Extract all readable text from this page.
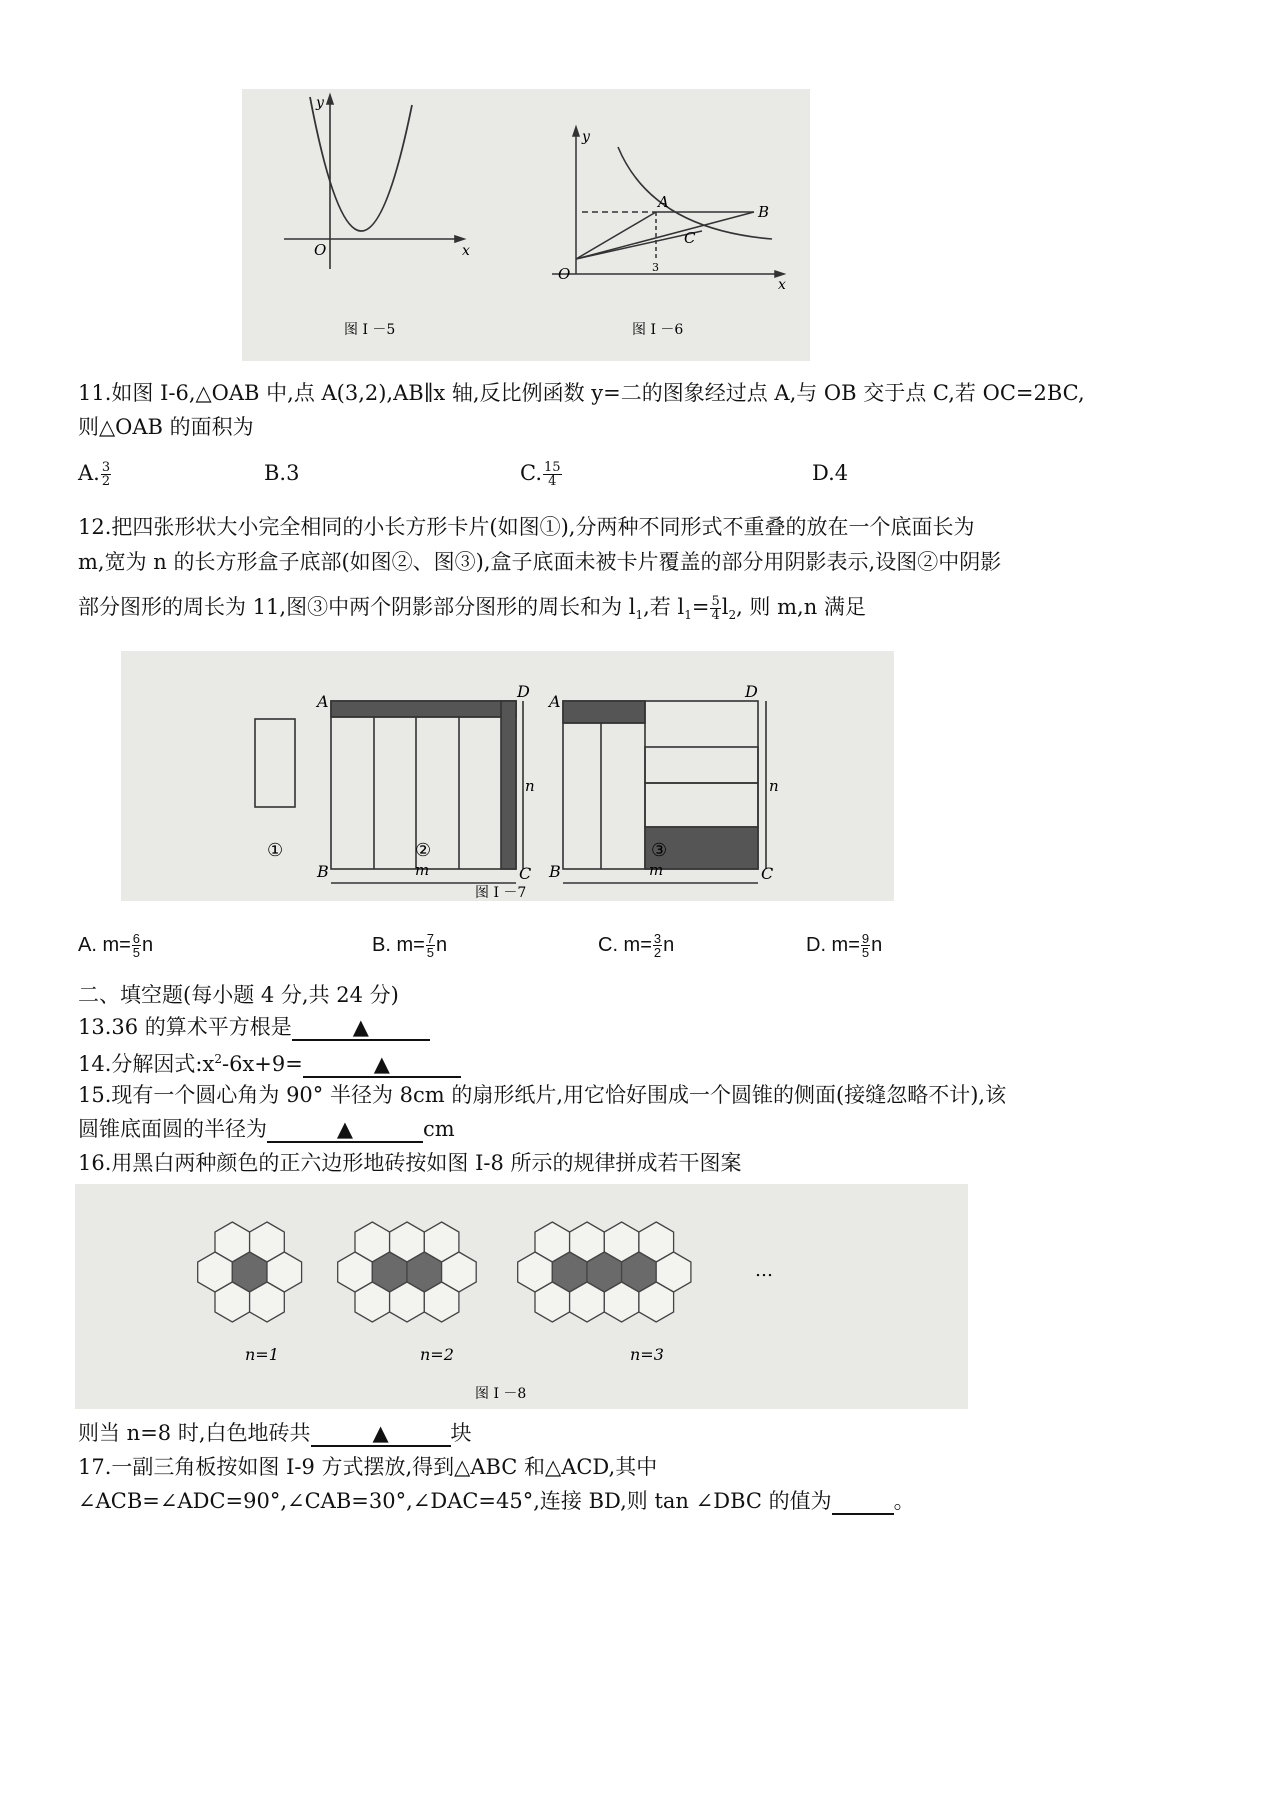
y
O	x
图 I －5
y
A
B
C
O	3
x
图 I －6
11.如图 I-6,△OAB 中,点 A(3,2),AB∥x 轴,反比例函数 y=二的图象经过点 A,与 OB 交于点 C,若 OC=2BC,
则△OAB 的面积为
A. $\frac{3}{2}$	B.3	C. $\frac{15}{4}$	D.4
12.把四张形状大小完全相同的小长方形卡片(如图①),分两种不同形式不重叠的放在一个底面长为
m,宽为 n 的长方形盒子底部(如图②、图③),盒子底面未被卡片覆盖的部分用阴影表示,设图②中阴影
部分图形的周长为 11,图③中两个阴影部分图形的周长和为 $l_1$,若 $l_1= \frac{5}{4} l_2$, 则 m,n 满足
A
D
n
B	C
m
A
D
n
B	C
m
①	②	③
图 I －7
A. $m= \frac{6}{5}$ n	B. $m= \frac{7}{5}$ n	C. $m= \frac{3}{2}$ n	D. $m= \frac{9}{5}$ n
二、填空题(每小题 4 分,共 24 分)
13.36 的算术平方根是	▲
14.分解因式$:x^2-6x+9=$	▲
15.现有一个圆心角为 90° 半径为 8cm 的扇形纸片,用它恰好围成一个圆锥的侧面(接缝忽略不计),该
圆锥底面圆的半径为	▲	cm
16.用黑白两种颜色的正六边形地砖按如图 I-8 所示的规律拼成若干图案
n=1	n=2	n=3
…
图 I －8
则当 n=8 时,白色地砖共	▲	块
17.一副三角板按如图 I-9 方式摆放,得到△ABC 和△ACD,其中
∠ACB=∠ADC=90°,∠CAB=30°,∠DAC=45°,连接 BD,则 tan ∠DBC 的值为	。
